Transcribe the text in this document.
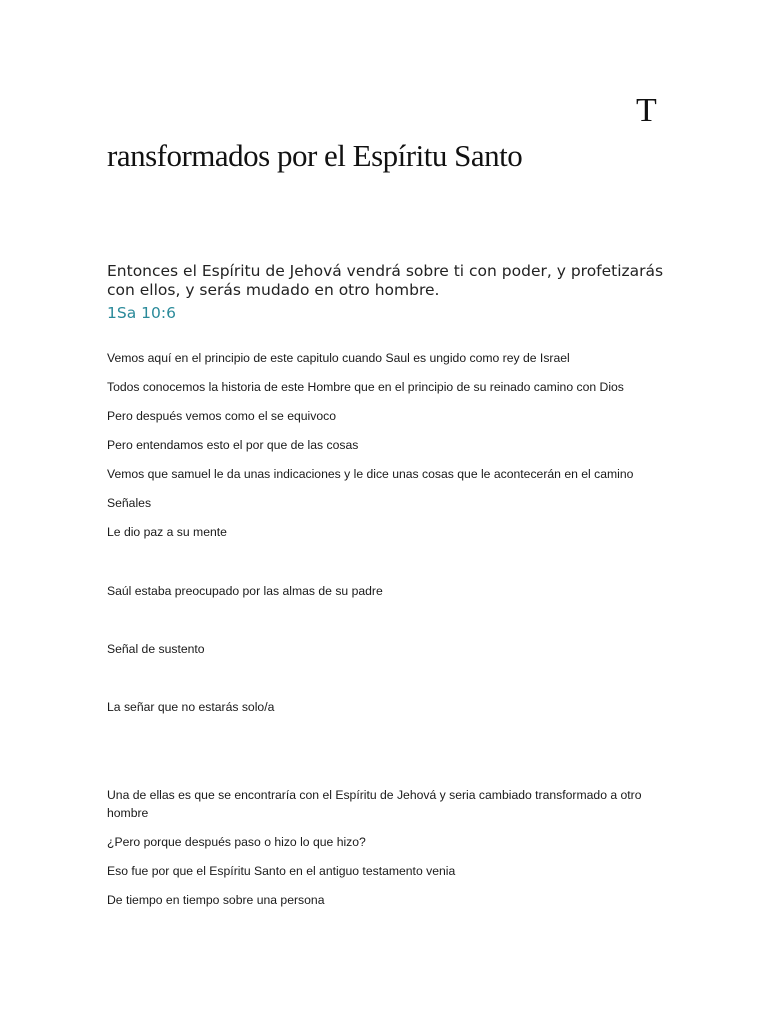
T
ransformados por el Espíritu Santo
Entonces el Espíritu de Jehová vendrá sobre ti con poder, y profetizarás con ellos, y serás mudado en otro hombre.
1Sa 10:6
Vemos aquí en el principio de este capitulo cuando Saul es ungido como rey de Israel
Todos conocemos la historia de este Hombre que en el principio de su reinado camino con Dios
Pero después vemos como el se equivoco
Pero entendamos esto el por que de las cosas
Vemos que samuel le da unas indicaciones y le dice unas cosas que le acontecerán en el camino
Señales
Le dio paz a su mente
Saúl estaba preocupado por las almas de su padre
Señal de sustento
La señar que no estarás solo/a
Una de ellas es que se encontraría con el Espíritu de Jehová y seria cambiado transformado a otro hombre
¿Pero porque después paso o hizo lo que hizo?
Eso fue por que el Espíritu Santo en el antiguo testamento venia
De tiempo en tiempo sobre una persona
